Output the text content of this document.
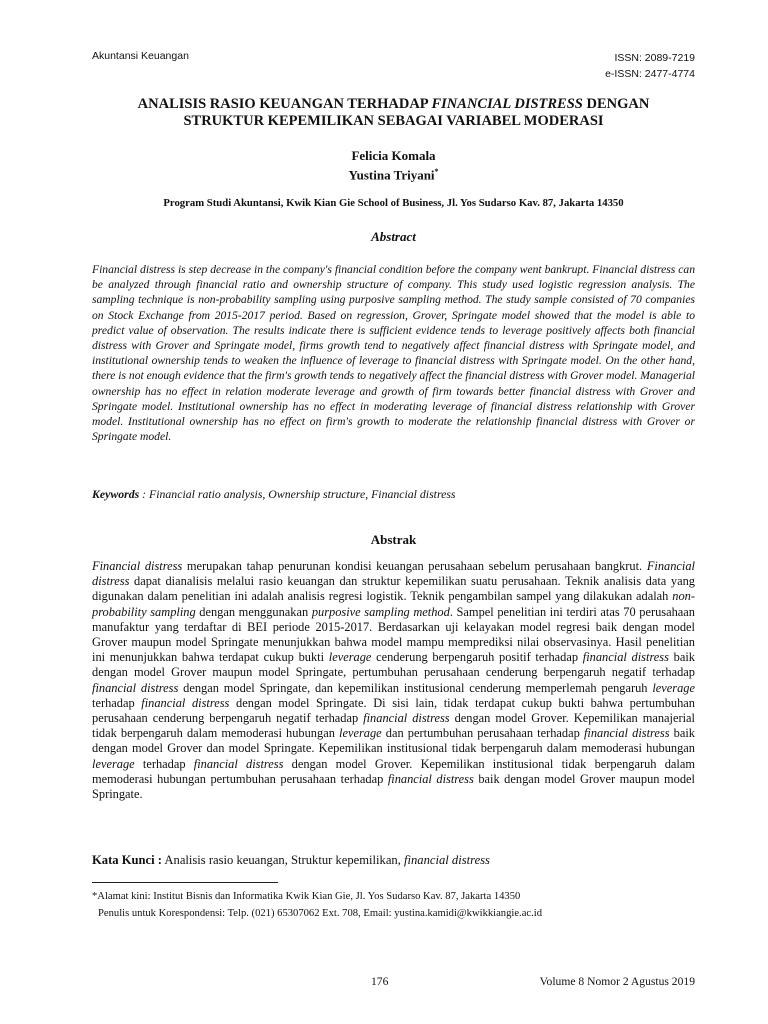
Akuntansi Keuangan	ISSN: 2089-7219
e-ISSN: 2477-4774
ANALISIS RASIO KEUANGAN TERHADAP FINANCIAL DISTRESS DENGAN
STRUKTUR KEPEMILIKAN SEBAGAI VARIABEL MODERASI
Felicia Komala
Yustina Triyani*
Program Studi Akuntansi, Kwik Kian Gie School of Business, Jl. Yos Sudarso Kav. 87, Jakarta 14350
Abstract
Financial distress is step decrease in the company's financial condition before the company went bankrupt. Financial distress can be analyzed through financial ratio and ownership structure of company. This study used logistic regression analysis. The sampling technique is non-probability sampling using purposive sampling method. The study sample consisted of 70 companies on Stock Exchange from 2015-2017 period. Based on regression, Grover, Springate model showed that the model is able to predict value of observation. The results indicate there is sufficient evidence tends to leverage positively affects both financial distress with Grover and Springate model, firms growth tend to negatively affect financial distress with Springate model, and institutional ownership tends to weaken the influence of leverage to financial distress with Springate model. On the other hand, there is not enough evidence that the firm's growth tends to negatively affect the financial distress with Grover model. Managerial ownership has no effect in relation moderate leverage and growth of firm towards better financial distress with Grover and Springate model. Institutional ownership has no effect in moderating leverage of financial distress relationship with Grover model. Institutional ownership has no effect on firm's growth to moderate the relationship financial distress with Grover or Springate model.
Keywords : Financial ratio analysis, Ownership structure, Financial distress
Abstrak
Financial distress merupakan tahap penurunan kondisi keuangan perusahaan sebelum perusahaan bangkrut. Financial distress dapat dianalisis melalui rasio keuangan dan struktur kepemilikan suatu perusahaan. Teknik analisis data yang digunakan dalam penelitian ini adalah analisis regresi logistik. Teknik pengambilan sampel yang dilakukan adalah non-probability sampling dengan menggunakan purposive sampling method. Sampel penelitian ini terdiri atas 70 perusahaan manufaktur yang terdaftar di BEI periode 2015-2017. Berdasarkan uji kelayakan model regresi baik dengan model Grover maupun model Springate menunjukkan bahwa model mampu memprediksi nilai observasinya. Hasil penelitian ini menunjukkan bahwa terdapat cukup bukti leverage cenderung berpengaruh positif terhadap financial distress baik dengan model Grover maupun model Springate, pertumbuhan perusahaan cenderung berpengaruh negatif terhadap financial distress dengan model Springate, dan kepemilikan institusional cenderung memperlemah pengaruh leverage terhadap financial distress dengan model Springate. Di sisi lain, tidak terdapat cukup bukti bahwa pertumbuhan perusahaan cenderung berpengaruh negatif terhadap financial distress dengan model Grover. Kepemilikan manajerial tidak berpengaruh dalam memoderasi hubungan leverage dan pertumbuhan perusahaan terhadap financial distress baik dengan model Grover dan model Springate. Kepemilikan institusional tidak berpengaruh dalam memoderasi hubungan leverage terhadap financial distress dengan model Grover. Kepemilikan institusional tidak berpengaruh dalam memoderasi hubungan pertumbuhan perusahaan terhadap financial distress baik dengan model Grover maupun model Springate.
Kata Kunci : Analisis rasio keuangan, Struktur kepemilikan, financial distress
*Alamat kini: Institut Bisnis dan Informatika Kwik Kian Gie, Jl. Yos Sudarso Kav. 87, Jakarta 14350
Penulis untuk Korespondensi: Telp. (021) 65307062 Ext. 708, Email: yustina.kamidi@kwikkiangie.ac.id
176	Volume 8 Nomor 2 Agustus 2019
